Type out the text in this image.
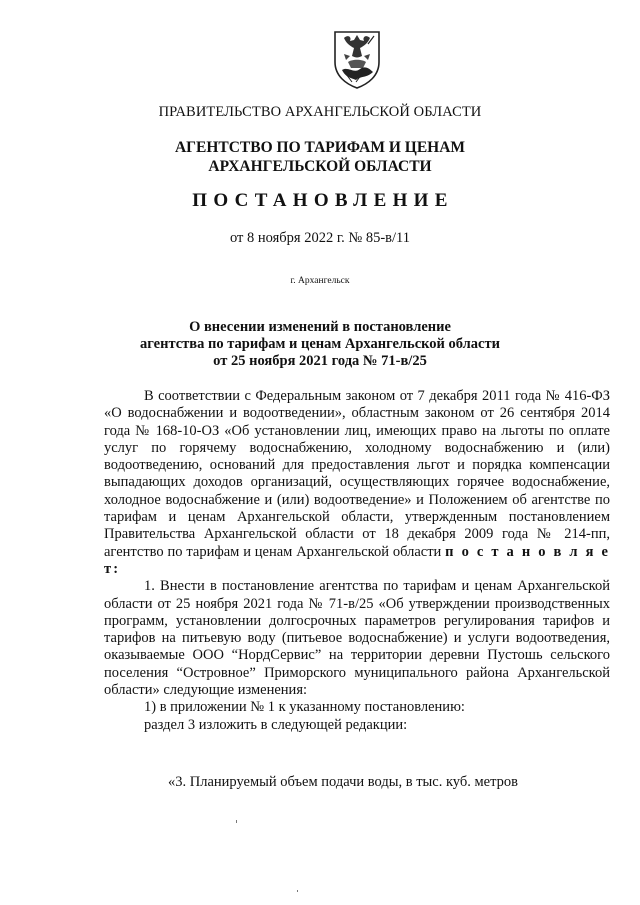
ПРАВИТЕЛЬСТВО АРХАНГЕЛЬСКОЙ ОБЛАСТИ
АГЕНТСТВО ПО ТАРИФАМ И ЦЕНАМ
АРХАНГЕЛЬСКОЙ ОБЛАСТИ
ПОСТАНОВЛЕНИЕ
от 8 ноября 2022 г. № 85-в/11
г. Архангельск
О внесении изменений в постановление
агентства по тарифам и ценам Архангельской области
от 25 ноября 2021 года № 71-в/25

В соответствии с Федеральным законом от 7 декабря 2011 года № 416-ФЗ «О водоснабжении и водоотведении», областным законом от 26 сентября 2014 года № 168-10-ОЗ «Об установлении лиц, имеющих право на льготы по оплате услуг по горячему водоснабжению, холодному водоснабжению и (или) водоотведению, оснований для предоставления льгот и порядка компенсации выпадающих доходов организаций, осуществляющих горячее водоснабжение, холодное водоснабжение и (или) водоотведение» и Положением об агентстве по тарифам и ценам Архангельской области, утвержденным постановлением Правительства Архангельской области от 18 декабря 2009 года № 214-пп, агентство по тарифам и ценам Архангельской области п о с т а н о в л я е т:

1. Внести в постановление агентства по тарифам и ценам Архангельской области от 25 ноября 2021 года № 71-в/25 «Об утверждении производственных программ, установлении долгосрочных параметров регулирования тарифов и тарифов на питьевую воду (питьевое водоснабжение) и услуги водоотведения, оказываемые ООО “НордСервис” на территории деревни Пустошь сельского поселения “Островное” Приморского муниципального района Архангельской области» следующие изменения:

1) в приложении № 1 к указанному постановлению:

раздел 3 изложить в следующей редакции:

«3. Планируемый объем подачи воды, в тыс. куб. метров
